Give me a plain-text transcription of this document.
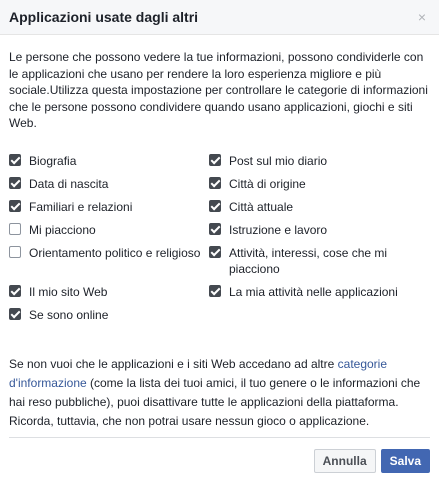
Applicazioni usate dagli altri	×

Le persone che possono vedere la tue informazioni, possono condividerle con le applicazioni che usano per rendere la loro esperienza migliore e più sociale.Utilizza questa impostazione per controllare le categorie di informazioni che le persone possono condividere quando usano applicazioni, giochi e siti Web.

Biografia	Post sul mio diario
Data di nascita	Città di origine
Familiari e relazioni	Città attuale
Mi piacciono	Istruzione e lavoro
Orientamento politico e religioso	Attività, interessi, cose che mi piacciono
Il mio sito Web	La mia attività nelle applicazioni
Se sono online

Se non vuoi che le applicazioni e i siti Web accedano ad altre categorie d'informazione (come la lista dei tuoi amici, il tuo genere o le informazioni che hai reso pubbliche), puoi disattivare tutte le applicazioni della piattaforma. Ricorda, tuttavia, che non potrai usare nessun gioco o applicazione.

Annulla	Salva
